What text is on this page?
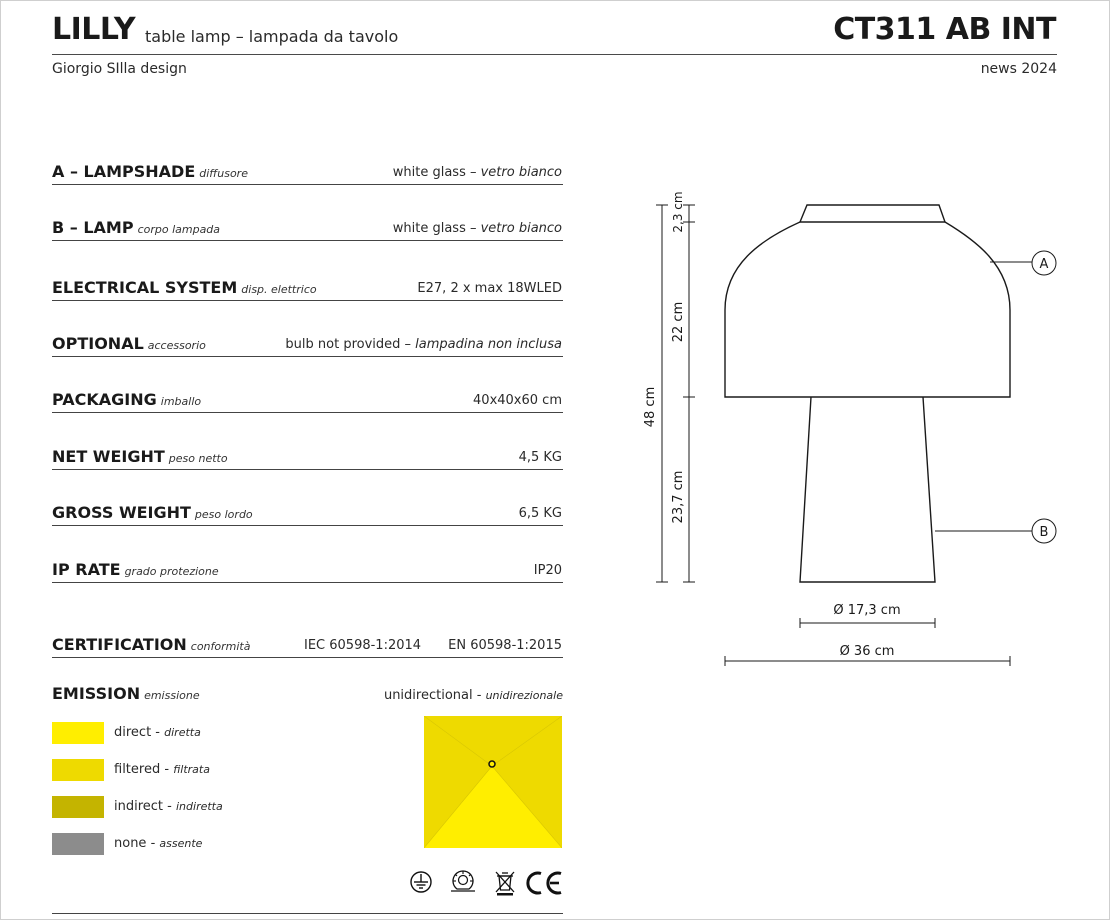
LILLY table lamp – lampada da tavolo	CT311 AB INT
Giorgio SIlla design	news 2024
A – LAMPSHADE diffusore	white glass – vetro bianco
B – LAMP corpo lampada	white glass – vetro bianco
ELECTRICAL SYSTEM disp. elettrico	E27, 2 x max 18WLED
OPTIONAL accessorio	bulb not provided – lampadina non inclusa
PACKAGING imballo	40x40x60 cm
NET WEIGHT peso netto	4,5 KG
GROSS WEIGHT peso lordo	6,5 KG
IP RATE grado protezione	IP20
CERTIFICATION conformità	IEC 60598-1:2014 EN 60598-1:2015
EMISSION emissione	unidirectional - unidirezionale
direct - diretta
filtered - filtrata
indirect - indiretta
none - assente
48 cm
2,3 cm
22 cm
23,7 cm
Ø 17,3 cm
Ø 36 cm
A
B
